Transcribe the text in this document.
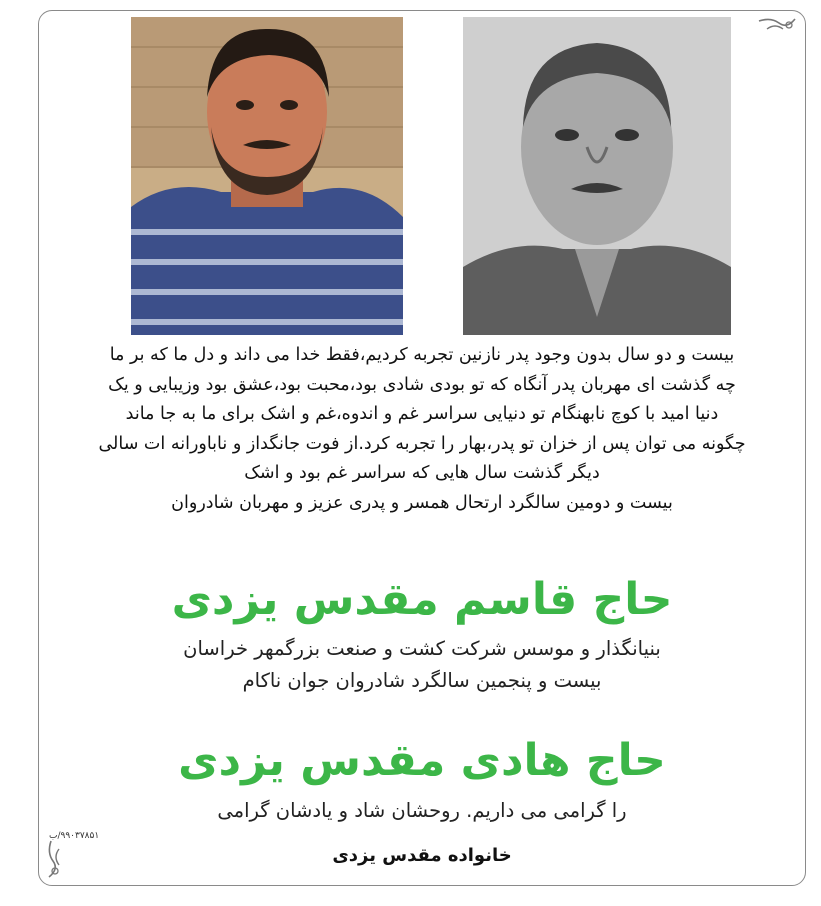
بیست و دو سال بدون وجود پدر نازنین تجربه کردیم،فقط خدا می داند و دل ما که بر ما
چه گذشت ای مهربان پدر آنگاه که تو بودی شادی بود،محبت بود،عشق بود وزیبایی و یک
دنیا امید با کوچ نابهنگام تو دنیایی سراسر غم و اندوه،غم و اشک برای ما به جا ماند
چگونه می توان پس از خزان تو پدر،بهار را تجربه کرد.از فوت جانگداز و ناباورانه ات سالی
دیگر گذشت سال هایی که سراسر غم بود و اشک
بیست و دومین سالگرد ارتحال همسر و پدری عزیز و مهربان شادروان
حاج قاسم مقدس یزدی
بنیانگذار و موسس شرکت کشت و صنعت بزرگمهر خراسان
بیست و پنجمین سالگرد شادروان جوان ناکام
حاج هادی مقدس یزدی
را گرامی می داریم. روحشان شاد و یادشان گرامی
خانواده مقدس یزدی
۹۹۰۳۷۸۵۱/ب
